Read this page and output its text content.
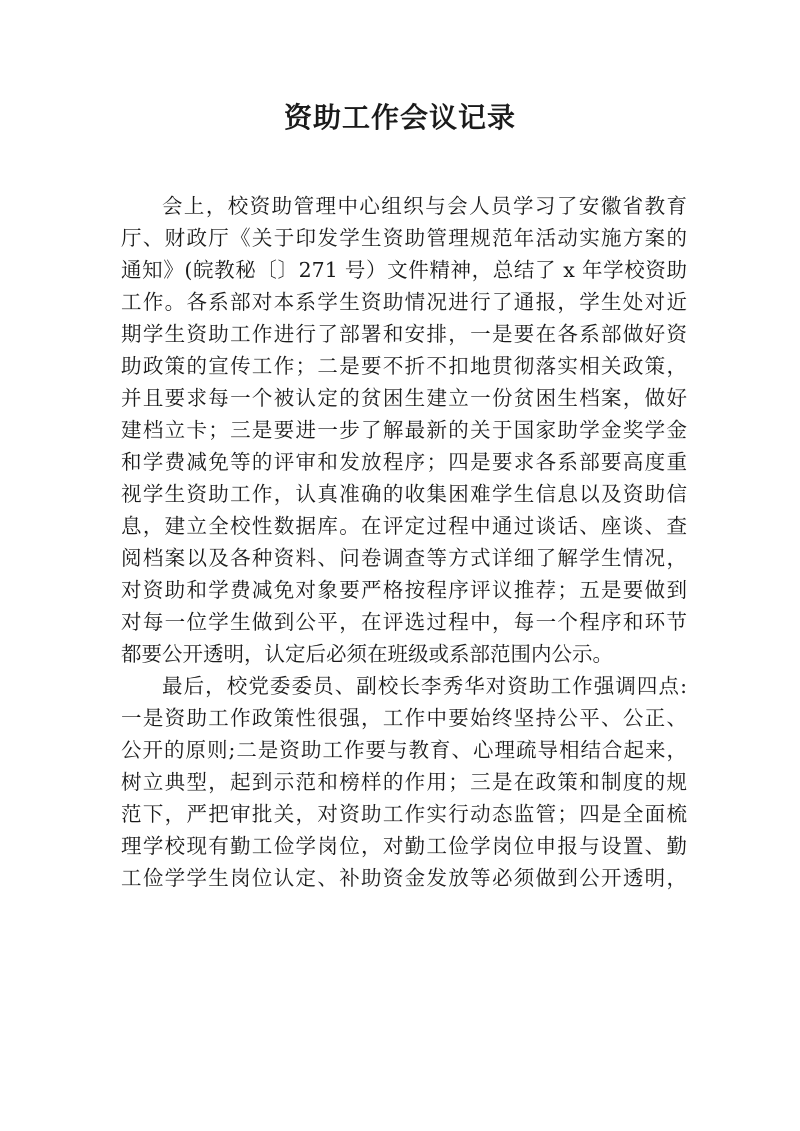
资助工作会议记录

会上，校资助管理中心组织与会人员学习了安徽省教育
厅、财政厅《关于印发学生资助管理规范年活动实施方案的
通知》(皖教秘〔〕271 号）文件精神，总结了 x 年学校资助
工作。各系部对本系学生资助情况进行了通报，学生处对近
期学生资助工作进行了部署和安排，一是要在各系部做好资
助政策的宣传工作；二是要不折不扣地贯彻落实相关政策，
并且要求每一个被认定的贫困生建立一份贫困生档案，做好
建档立卡；三是要进一步了解最新的关于国家助学金奖学金
和学费减免等的评审和发放程序；四是要求各系部要高度重
视学生资助工作，认真准确的收集困难学生信息以及资助信
息，建立全校性数据库。在评定过程中通过谈话、座谈、查
阅档案以及各种资料、问卷调查等方式详细了解学生情况，
对资助和学费减免对象要严格按程序评议推荐；五是要做到
对每一位学生做到公平，在评选过程中，每一个程序和环节
都要公开透明，认定后必须在班级或系部范围内公示。

最后，校党委委员、副校长李秀华对资助工作强调四点:
一是资助工作政策性很强，工作中要始终坚持公平、公正、
公开的原则;二是资助工作要与教育、心理疏导相结合起来，
树立典型，起到示范和榜样的作用；三是在政策和制度的规
范下，严把审批关，对资助工作实行动态监管；四是全面梳
理学校现有勤工俭学岗位，对勤工俭学岗位申报与设置、勤
工俭学学生岗位认定、补助资金发放等必须做到公开透明，
